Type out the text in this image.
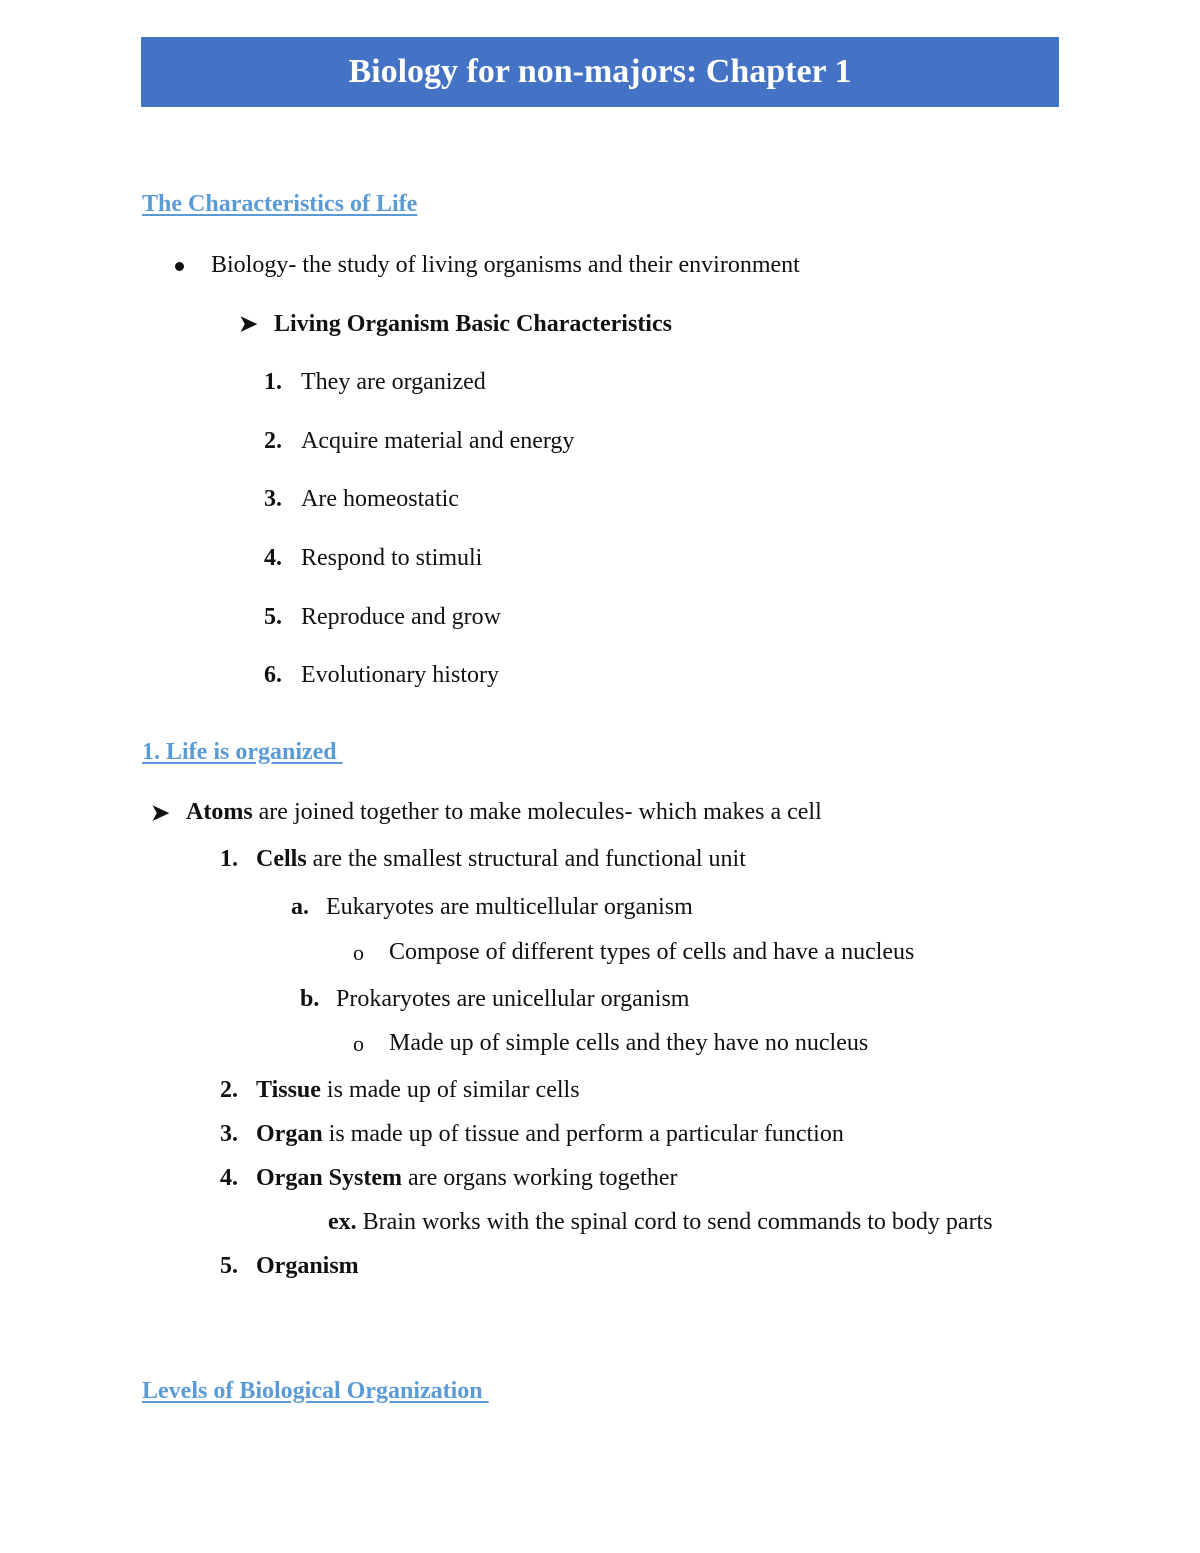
Biology for non-majors: Chapter 1
The Characteristics of Life
Biology- the study of living organisms and their environment
➤ Living Organism Basic Characteristics
1. They are organized
2. Acquire material and energy
3. Are homeostatic
4. Respond to stimuli
5. Reproduce and grow
6. Evolutionary history
1. Life is organized
➤ Atoms are joined together to make molecules- which makes a cell
1. Cells are the smallest structural and functional unit
a. Eukaryotes are multicellular organism
o Compose of different types of cells and have a nucleus
b. Prokaryotes are unicellular organism
o Made up of simple cells and they have no nucleus
2. Tissue is made up of similar cells
3. Organ is made up of tissue and perform a particular function
4. Organ System are organs working together
ex. Brain works with the spinal cord to send commands to body parts
5. Organism
Levels of Biological Organization
